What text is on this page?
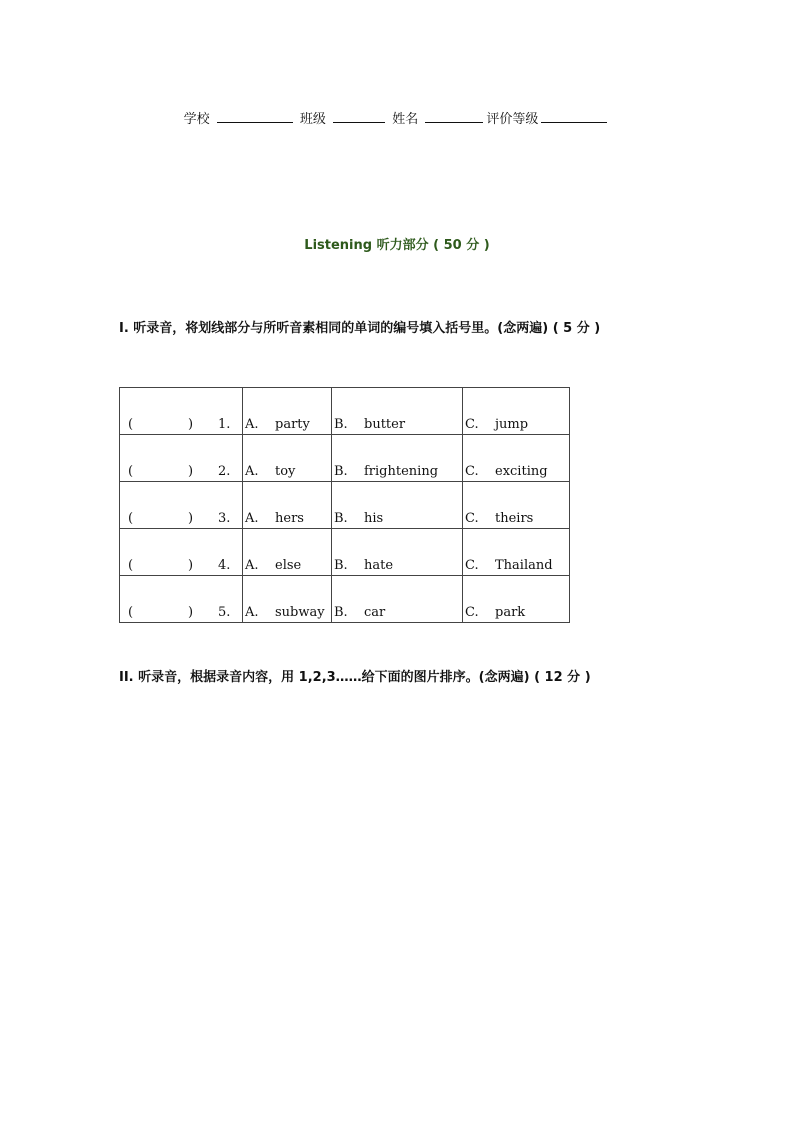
学校	班级	姓名	评价等级
Listening 听力部分 ( 50 分 )
I. 听录音，将划线部分与所听音素相同的单词的编号填入括号里。(念两遍) ( 5 分 )
( ) 1.	A. party	B. butter	C. jump
( ) 2.	A. toy	B. frightening	C. exciting
( ) 3.	A. hers	B. his	C. theirs
( ) 4.	A. else	B. hate	C. Thailand
( ) 5.	A. subway	B. car	C. park
II. 听录音，根据录音内容，用 1,2,3……给下面的图片排序。(念两遍) ( 12 分 )
